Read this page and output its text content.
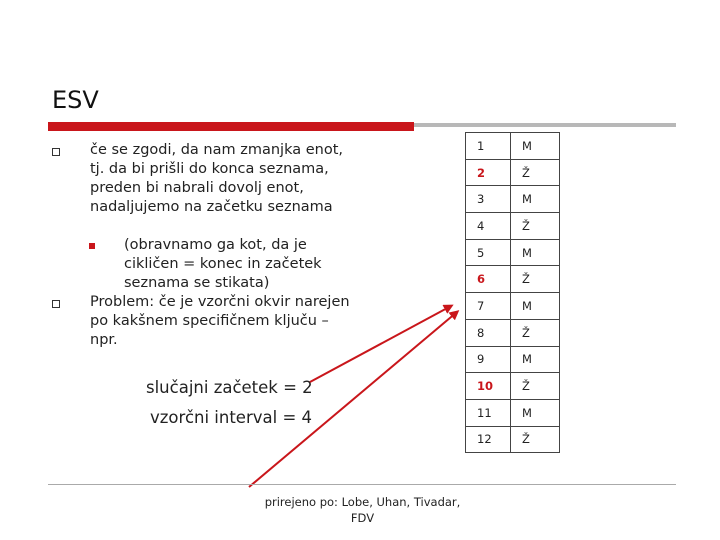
ESV
če se zgodi, da nam zmanjka enot, tj. da bi prišli do konca seznama, preden bi nabrali dovolj enot, nadaljujemo na začetku seznama
(obravnamo ga kot, da je cikličen = konec in začetek seznama se stikata)
Problem: če je vzorčni okvir narejen po kakšnem specifičnem ključu – npr.
slučajni začetek = 2
vzorčni interval = 4
1	M
2	Ž
3	M
4	Ž
5	M
6	Ž
7	M
8	Ž
9	M
10	Ž
11	M
12	Ž
prirejeno po: Lobe, Uhan, Tivadar,
FDV
